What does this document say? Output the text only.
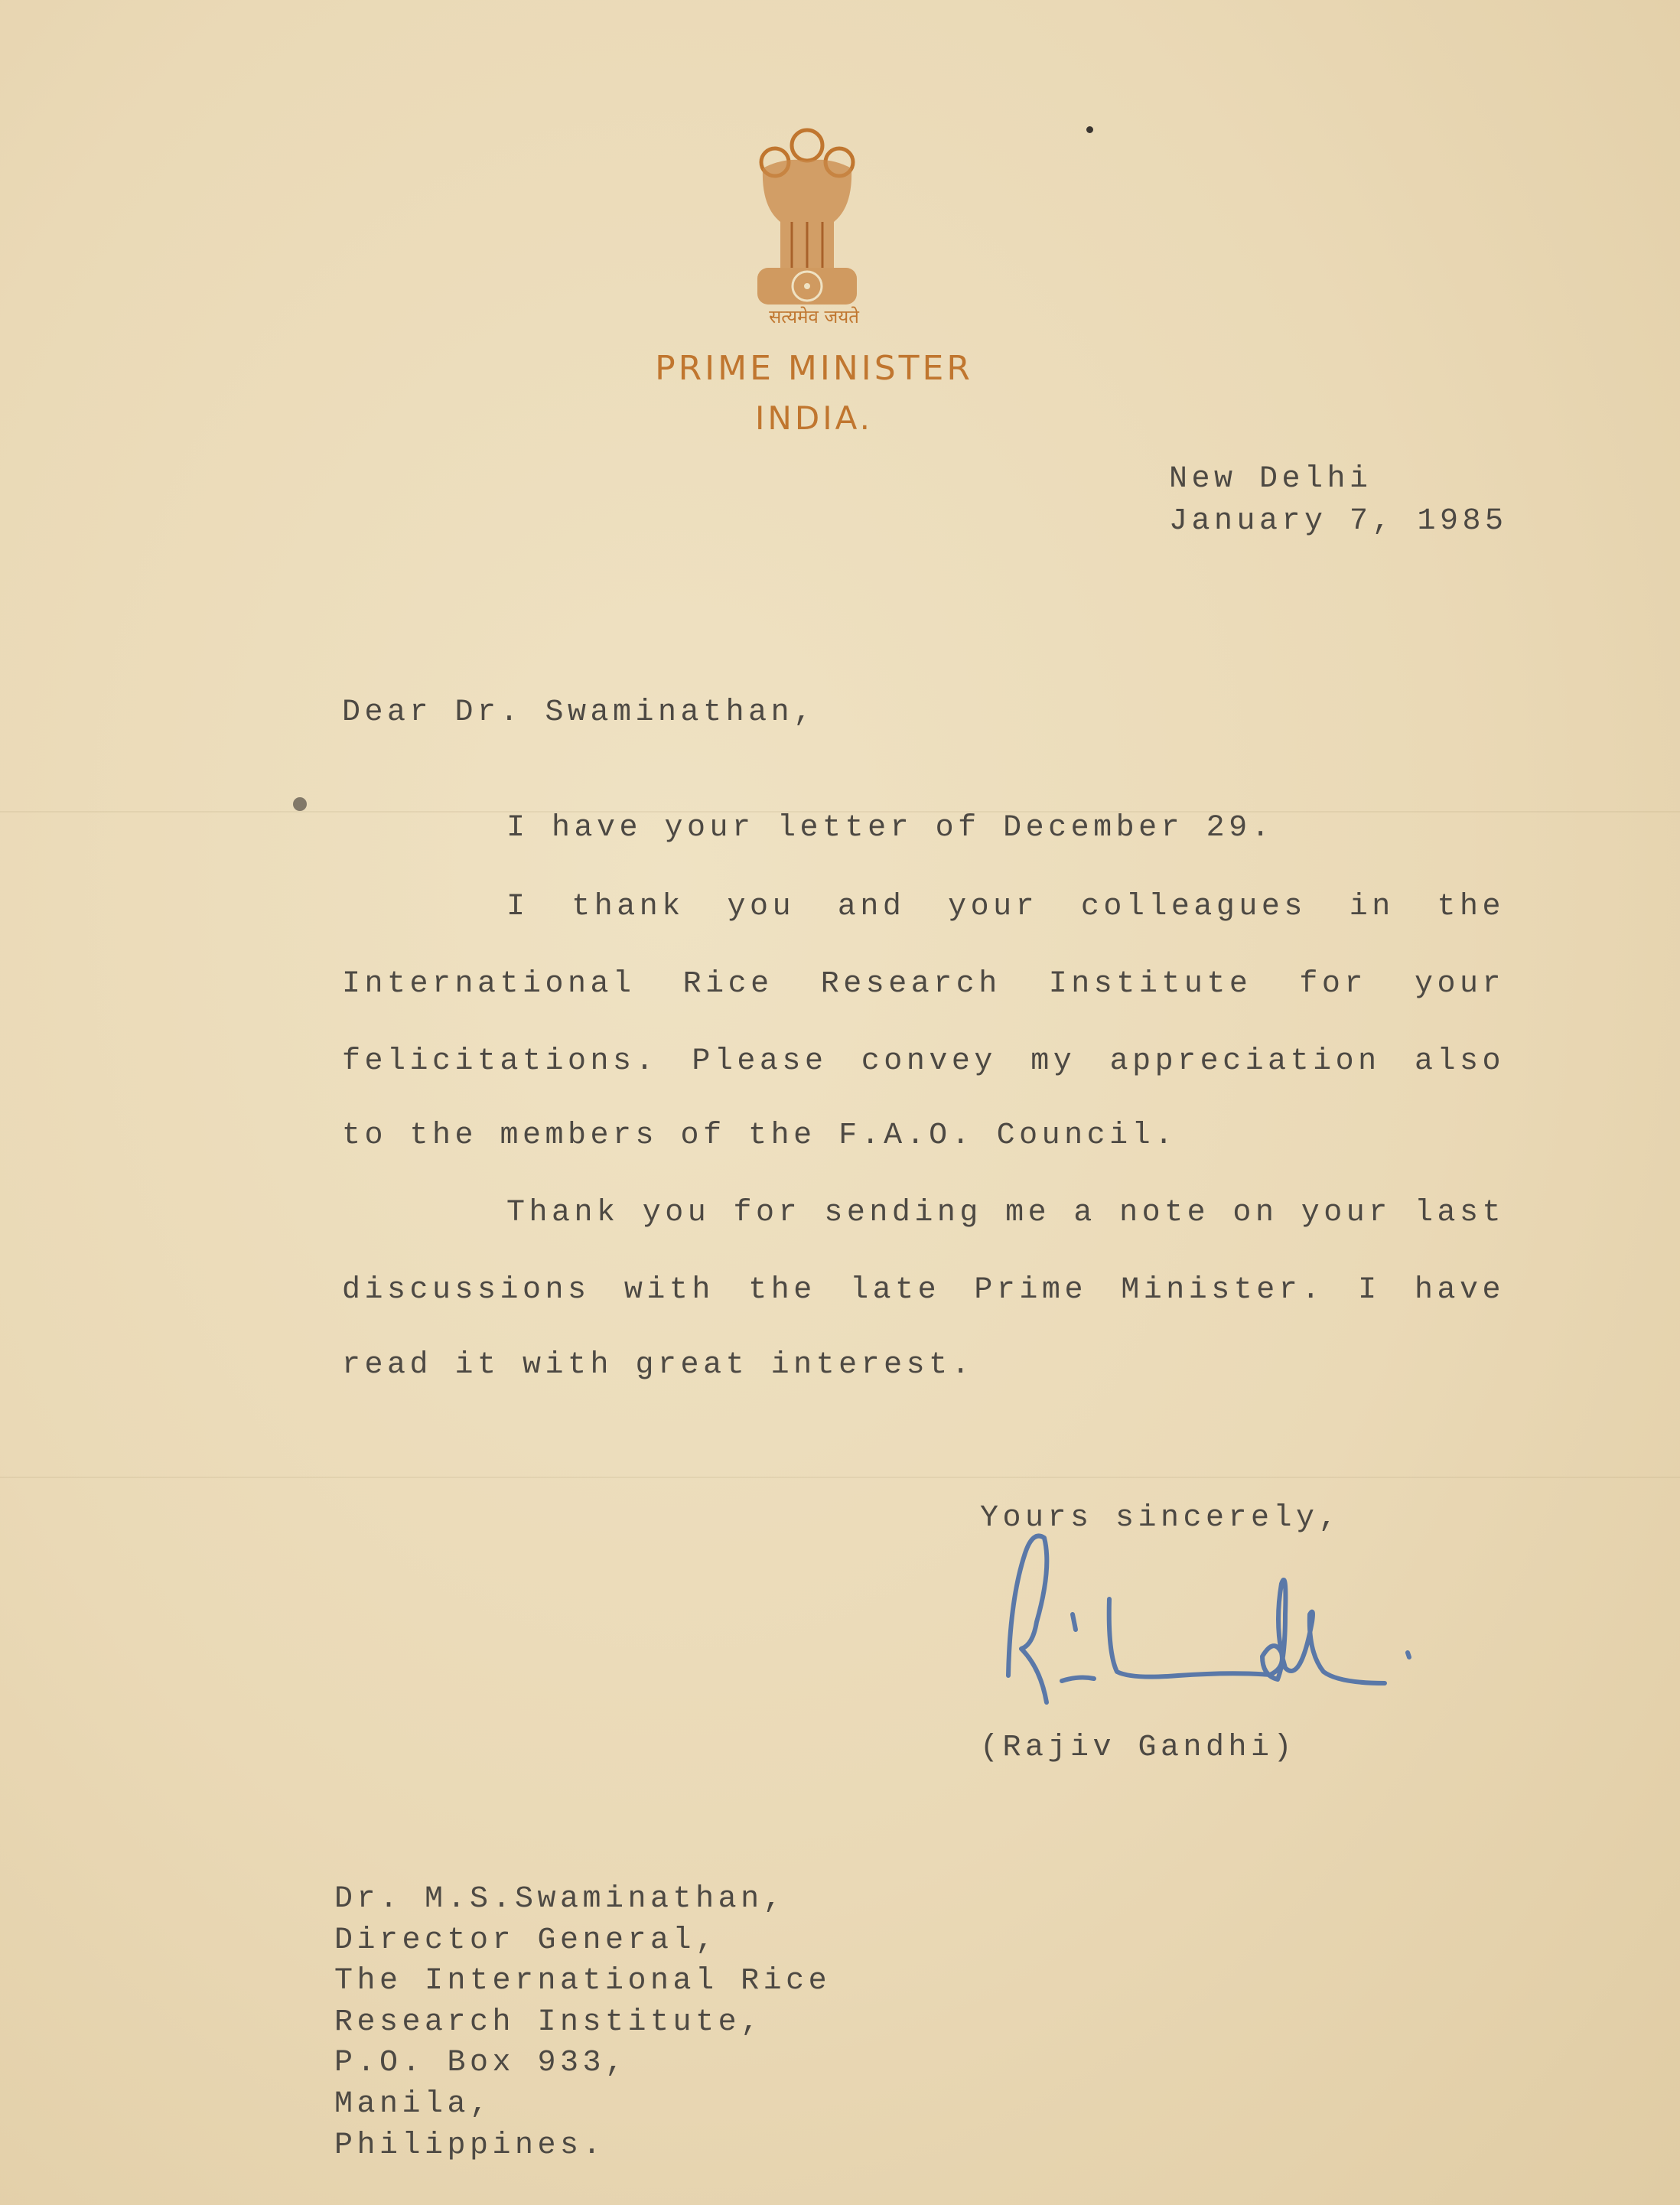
सत्यमेव जयते
PRIME MINISTER
INDIA.
New Delhi
January 7, 1985
Dear Dr. Swaminathan,
I have your letter of December 29.
I thank you and your colleagues in the
International Rice Research Institute for your
felicitations. Please convey my appreciation also
to the members of the F.A.O. Council.
Thank you for sending me a note on your last
discussions with the late Prime Minister. I have
read it with great interest.
Yours sincerely,
(Rajiv Gandhi)
Dr. M.S.Swaminathan,
Director General,
The International Rice
Research Institute,
P.O. Box 933,
Manila,
Philippines.
